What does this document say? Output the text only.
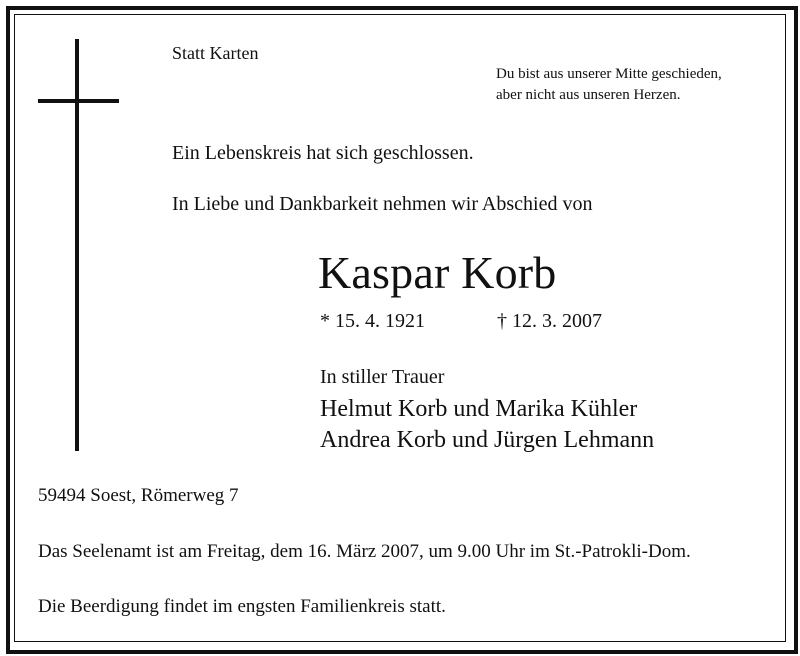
Statt Karten
Du bist aus unserer Mitte geschieden,
aber nicht aus unseren Herzen.
Ein Lebenskreis hat sich geschlossen.
In Liebe und Dankbarkeit nehmen wir Abschied von
Kaspar Korb
* 15. 4. 1921	† 12. 3. 2007
In stiller Trauer
Helmut Korb und Marika Kühler
Andrea Korb und Jürgen Lehmann
59494 Soest, Römerweg 7
Das Seelenamt ist am Freitag, dem 16. März 2007, um 9.00 Uhr im St.-Patrokli-Dom.
Die Beerdigung findet im engsten Familienkreis statt.
